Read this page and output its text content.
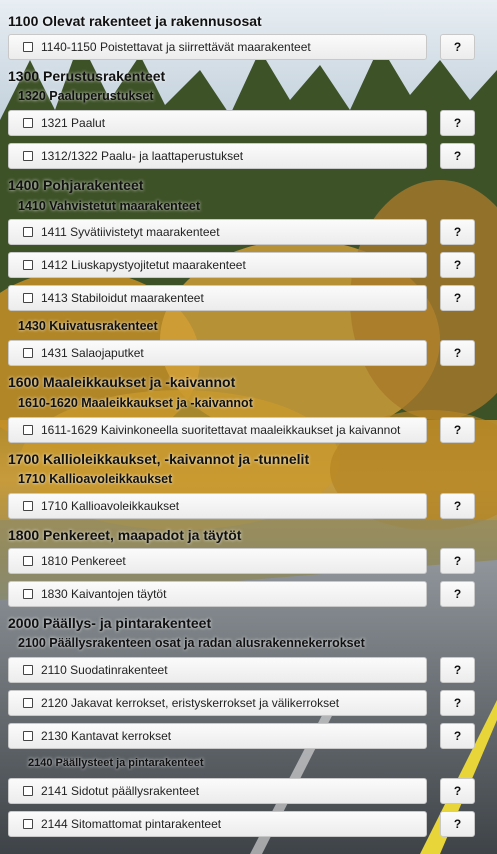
1100 Olevat rakenteet ja rakennusosat
1140-1150 Poistettavat ja siirrettävät maarakenteet	?
1300 Perustusrakenteet
1320 Paaluperustukset
1321 Paalut	?
1312/1322 Paalu- ja laattaperustukset	?
1400 Pohjarakenteet
1410 Vahvistetut maarakenteet
1411 Syvätiivistetyt maarakenteet	?
1412 Liuskapystyojitetut maarakenteet	?
1413 Stabiloidut maarakenteet	?
1430 Kuivatusrakenteet
1431 Salaojaputket	?
1600 Maaleikkaukset ja -kaivannot
1610-1620 Maaleikkaukset ja -kaivannot
1611-1629 Kaivinkoneella suoritettavat maaleikkaukset ja kaivannot	?
1700 Kallioleikkaukset, -kaivannot ja -tunnelit
1710 Kallioavoleikkaukset
1710 Kallioavoleikkaukset	?
1800 Penkereet, maapadot ja täytöt
1810 Penkereet	?
1830 Kaivantojen täytöt	?
2000 Päällys- ja pintarakenteet
2100 Päällysrakenteen osat ja radan alusrakennekerrokset
2110 Suodatinrakenteet	?
2120 Jakavat kerrokset, eristyskerrokset ja välikerrokset	?
2130 Kantavat kerrokset	?
2140 Päällysteet ja pintarakenteet
2141 Sidotut päällysrakenteet	?
2144 Sitomattomat pintarakenteet	?
